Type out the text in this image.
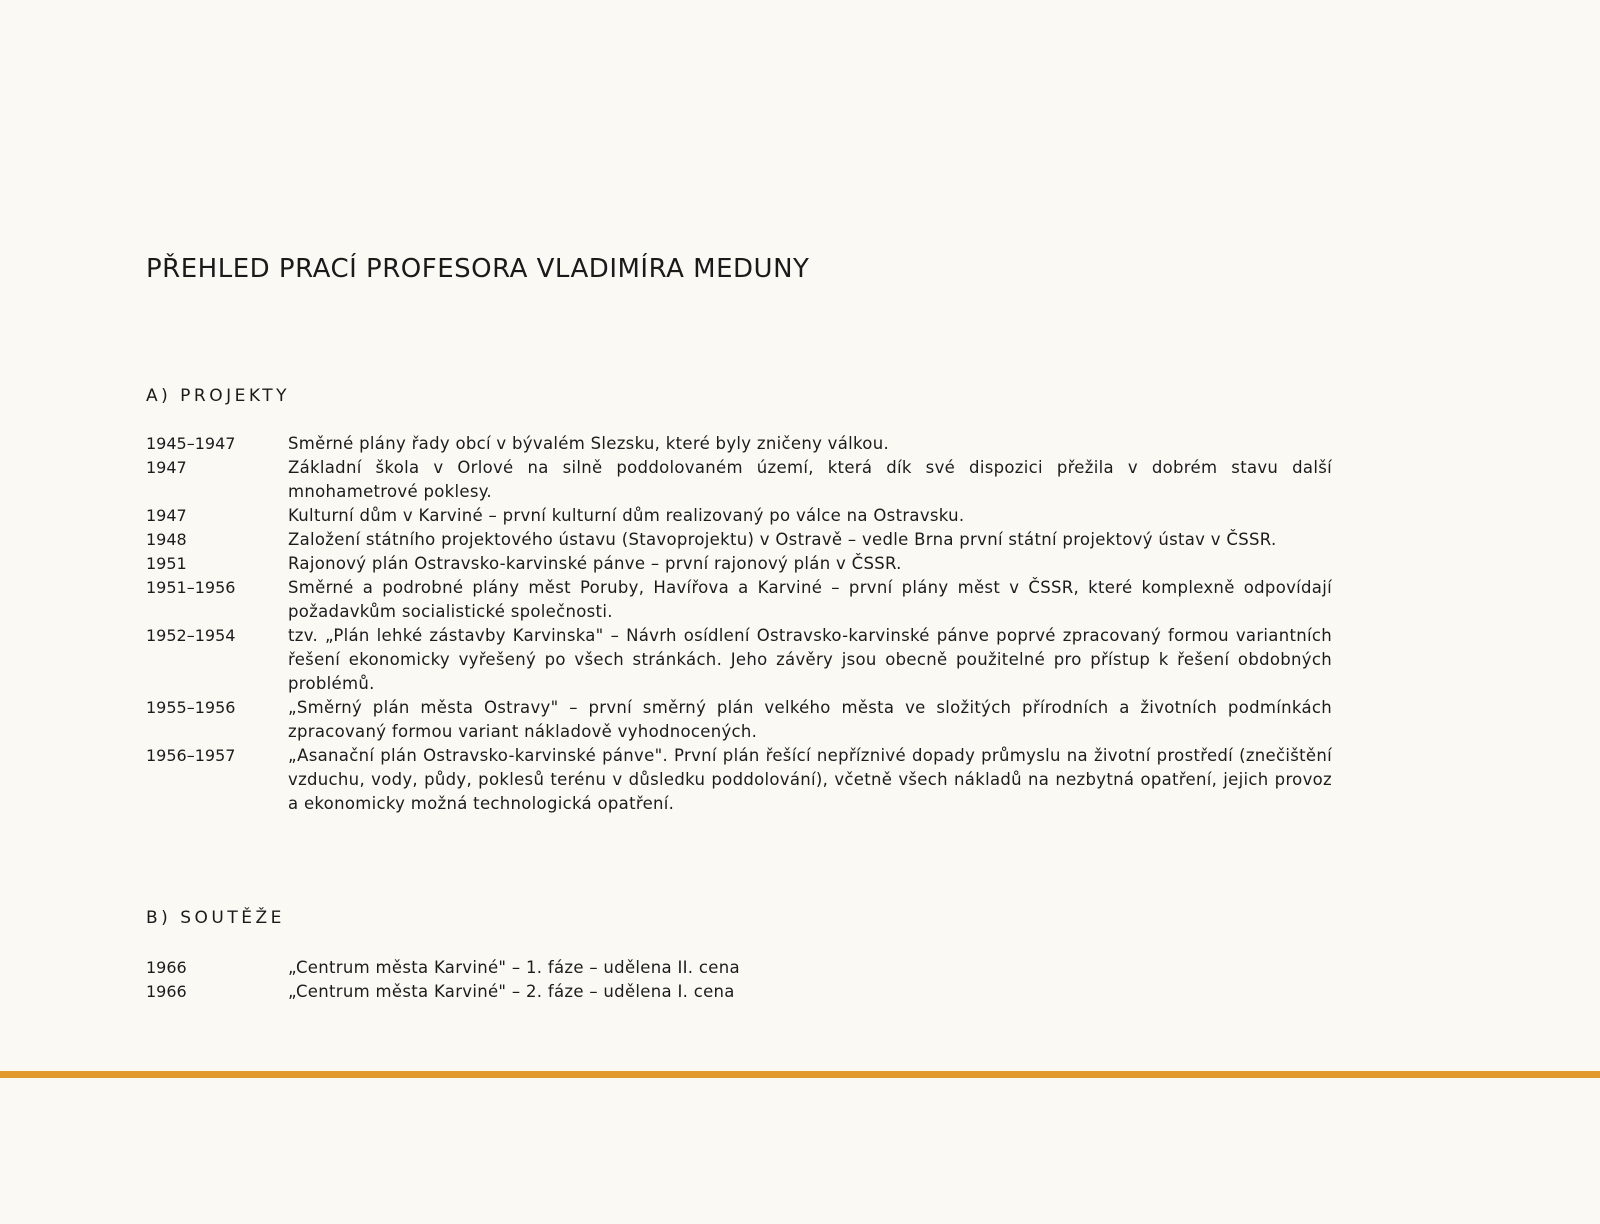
PŘEHLED PRACÍ PROFESORA VLADIMÍRA MEDUNY
A) PROJEKTY
1945–1947	Směrné plány řady obcí v bývalém Slezsku, které byly zničeny válkou.
1947	Základní škola v Orlové na silně poddolovaném území, která dík své dispozici přežila v dobrém stavu další mnohametrové poklesy.
1947	Kulturní dům v Karviné – první kulturní dům realizovaný po válce na Ostravsku.
1948	Založení státního projektového ústavu (Stavoprojektu) v Ostravě – vedle Brna první státní projektový ústav v ČSSR.
1951	Rajonový plán Ostravsko-karvinské pánve – první rajonový plán v ČSSR.
1951–1956	Směrné a podrobné plány měst Poruby, Havířova a Karviné – první plány měst v ČSSR, které komplexně odpovídají požadavkům socialistické společnosti.
1952–1954	tzv. „Plán lehké zástavby Karvinska" – Návrh osídlení Ostravsko-karvinské pánve poprvé zpracovaný formou variantních řešení ekonomicky vyřešený po všech stránkách. Jeho závěry jsou obecně použitelné pro přístup k řešení obdobných problémů.
1955–1956	„Směrný plán města Ostravy" – první směrný plán velkého města ve složitých přírodních a životních podmínkách zpracovaný formou variant nákladově vyhodnocených.
1956–1957	„Asanační plán Ostravsko-karvinské pánve". První plán řešící nepříznivé dopady průmyslu na životní prostředí (znečištění vzduchu, vody, půdy, poklesů terénu v důsledku poddolování), včetně všech nákladů na nezbytná opatření, jejich provoz a ekonomicky možná technologická opatření.
B) SOUTĚŽE
1966	„Centrum města Karviné" – 1. fáze – udělena II. cena
1966	„Centrum města Karviné" – 2. fáze – udělena I. cena
